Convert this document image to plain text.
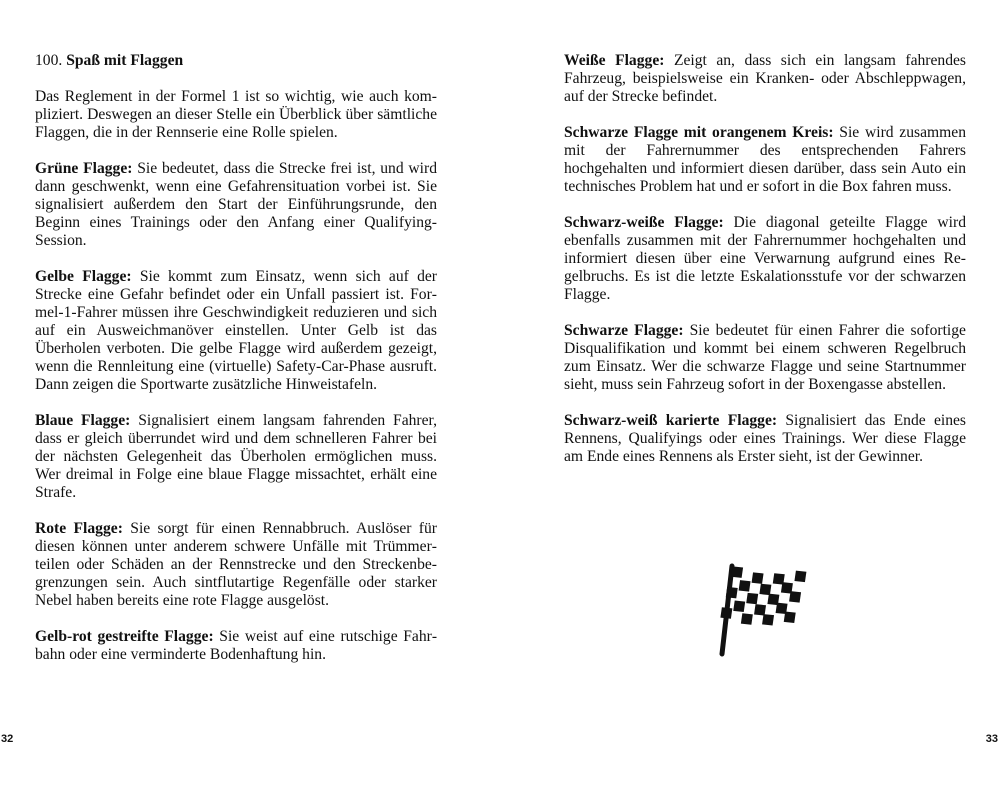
100. Spaß mit Flaggen

Das Reglement in der Formel 1 ist so wichtig, wie auch kompliziert. Deswegen an dieser Stelle ein Überblick über sämtliche Flaggen, die in der Rennserie eine Rolle spielen.

Grüne Flagge: Sie bedeutet, dass die Strecke frei ist, und wird dann geschwenkt, wenn eine Gefahrensituation vorbei ist. Sie signalisiert außerdem den Start der Einführungsrunde, den Beginn eines Trainings oder den Anfang einer Qualifying-Session.

Gelbe Flagge: Sie kommt zum Einsatz, wenn sich auf der Strecke eine Gefahr befindet oder ein Unfall passiert ist. Formel-1-Fahrer müssen ihre Geschwindigkeit reduzieren und sich auf ein Ausweichmanöver einstellen. Unter Gelb ist das Überholen verboten. Die gelbe Flagge wird außerdem gezeigt, wenn die Rennleitung eine (virtuelle) Safety-Car-Phase ausruft. Dann zeigen die Sportwarte zusätzliche Hinweistafeln.

Blaue Flagge: Signalisiert einem langsam fahrenden Fahrer, dass er gleich überrundet wird und dem schnelleren Fahrer bei der nächsten Gelegenheit das Überholen ermöglichen muss. Wer dreimal in Folge eine blaue Flagge missachtet, erhält eine Strafe.

Rote Flagge: Sie sorgt für einen Rennabbruch. Auslöser für diesen können unter anderem schwere Unfälle mit Trümmerteilen oder Schäden an der Rennstrecke und den Streckenbegrenzungen sein. Auch sintflutartige Regenfälle oder starker Nebel haben bereits eine rote Flagge ausgelöst.

Gelb-rot gestreifte Flagge: Sie weist auf eine rutschige Fahrbahn oder eine verminderte Bodenhaftung hin.

32

Weiße Flagge: Zeigt an, dass sich ein langsam fahrendes Fahrzeug, beispielsweise ein Kranken- oder Abschleppwagen, auf der Strecke befindet.

Schwarze Flagge mit orangenem Kreis: Sie wird zusammen mit der Fahrernummer des entsprechenden Fahrers hochgehalten und informiert diesen darüber, dass sein Auto ein technisches Problem hat und er sofort in die Box fahren muss.

Schwarz-weiße Flagge: Die diagonal geteilte Flagge wird ebenfalls zusammen mit der Fahrernummer hochgehalten und informiert diesen über eine Verwarnung aufgrund eines Regelbruchs. Es ist die letzte Eskalationsstufe vor der schwarzen Flagge.

Schwarze Flagge: Sie bedeutet für einen Fahrer die sofortige Disqualifikation und kommt bei einem schweren Regelbruch zum Einsatz. Wer die schwarze Flagge und seine Startnummer sieht, muss sein Fahrzeug sofort in der Boxengasse abstellen.

Schwarz-weiß karierte Flagge: Signalisiert das Ende eines Rennens, Qualifyings oder eines Trainings. Wer diese Flagge am Ende eines Rennens als Erster sieht, ist der Gewinner.

33
